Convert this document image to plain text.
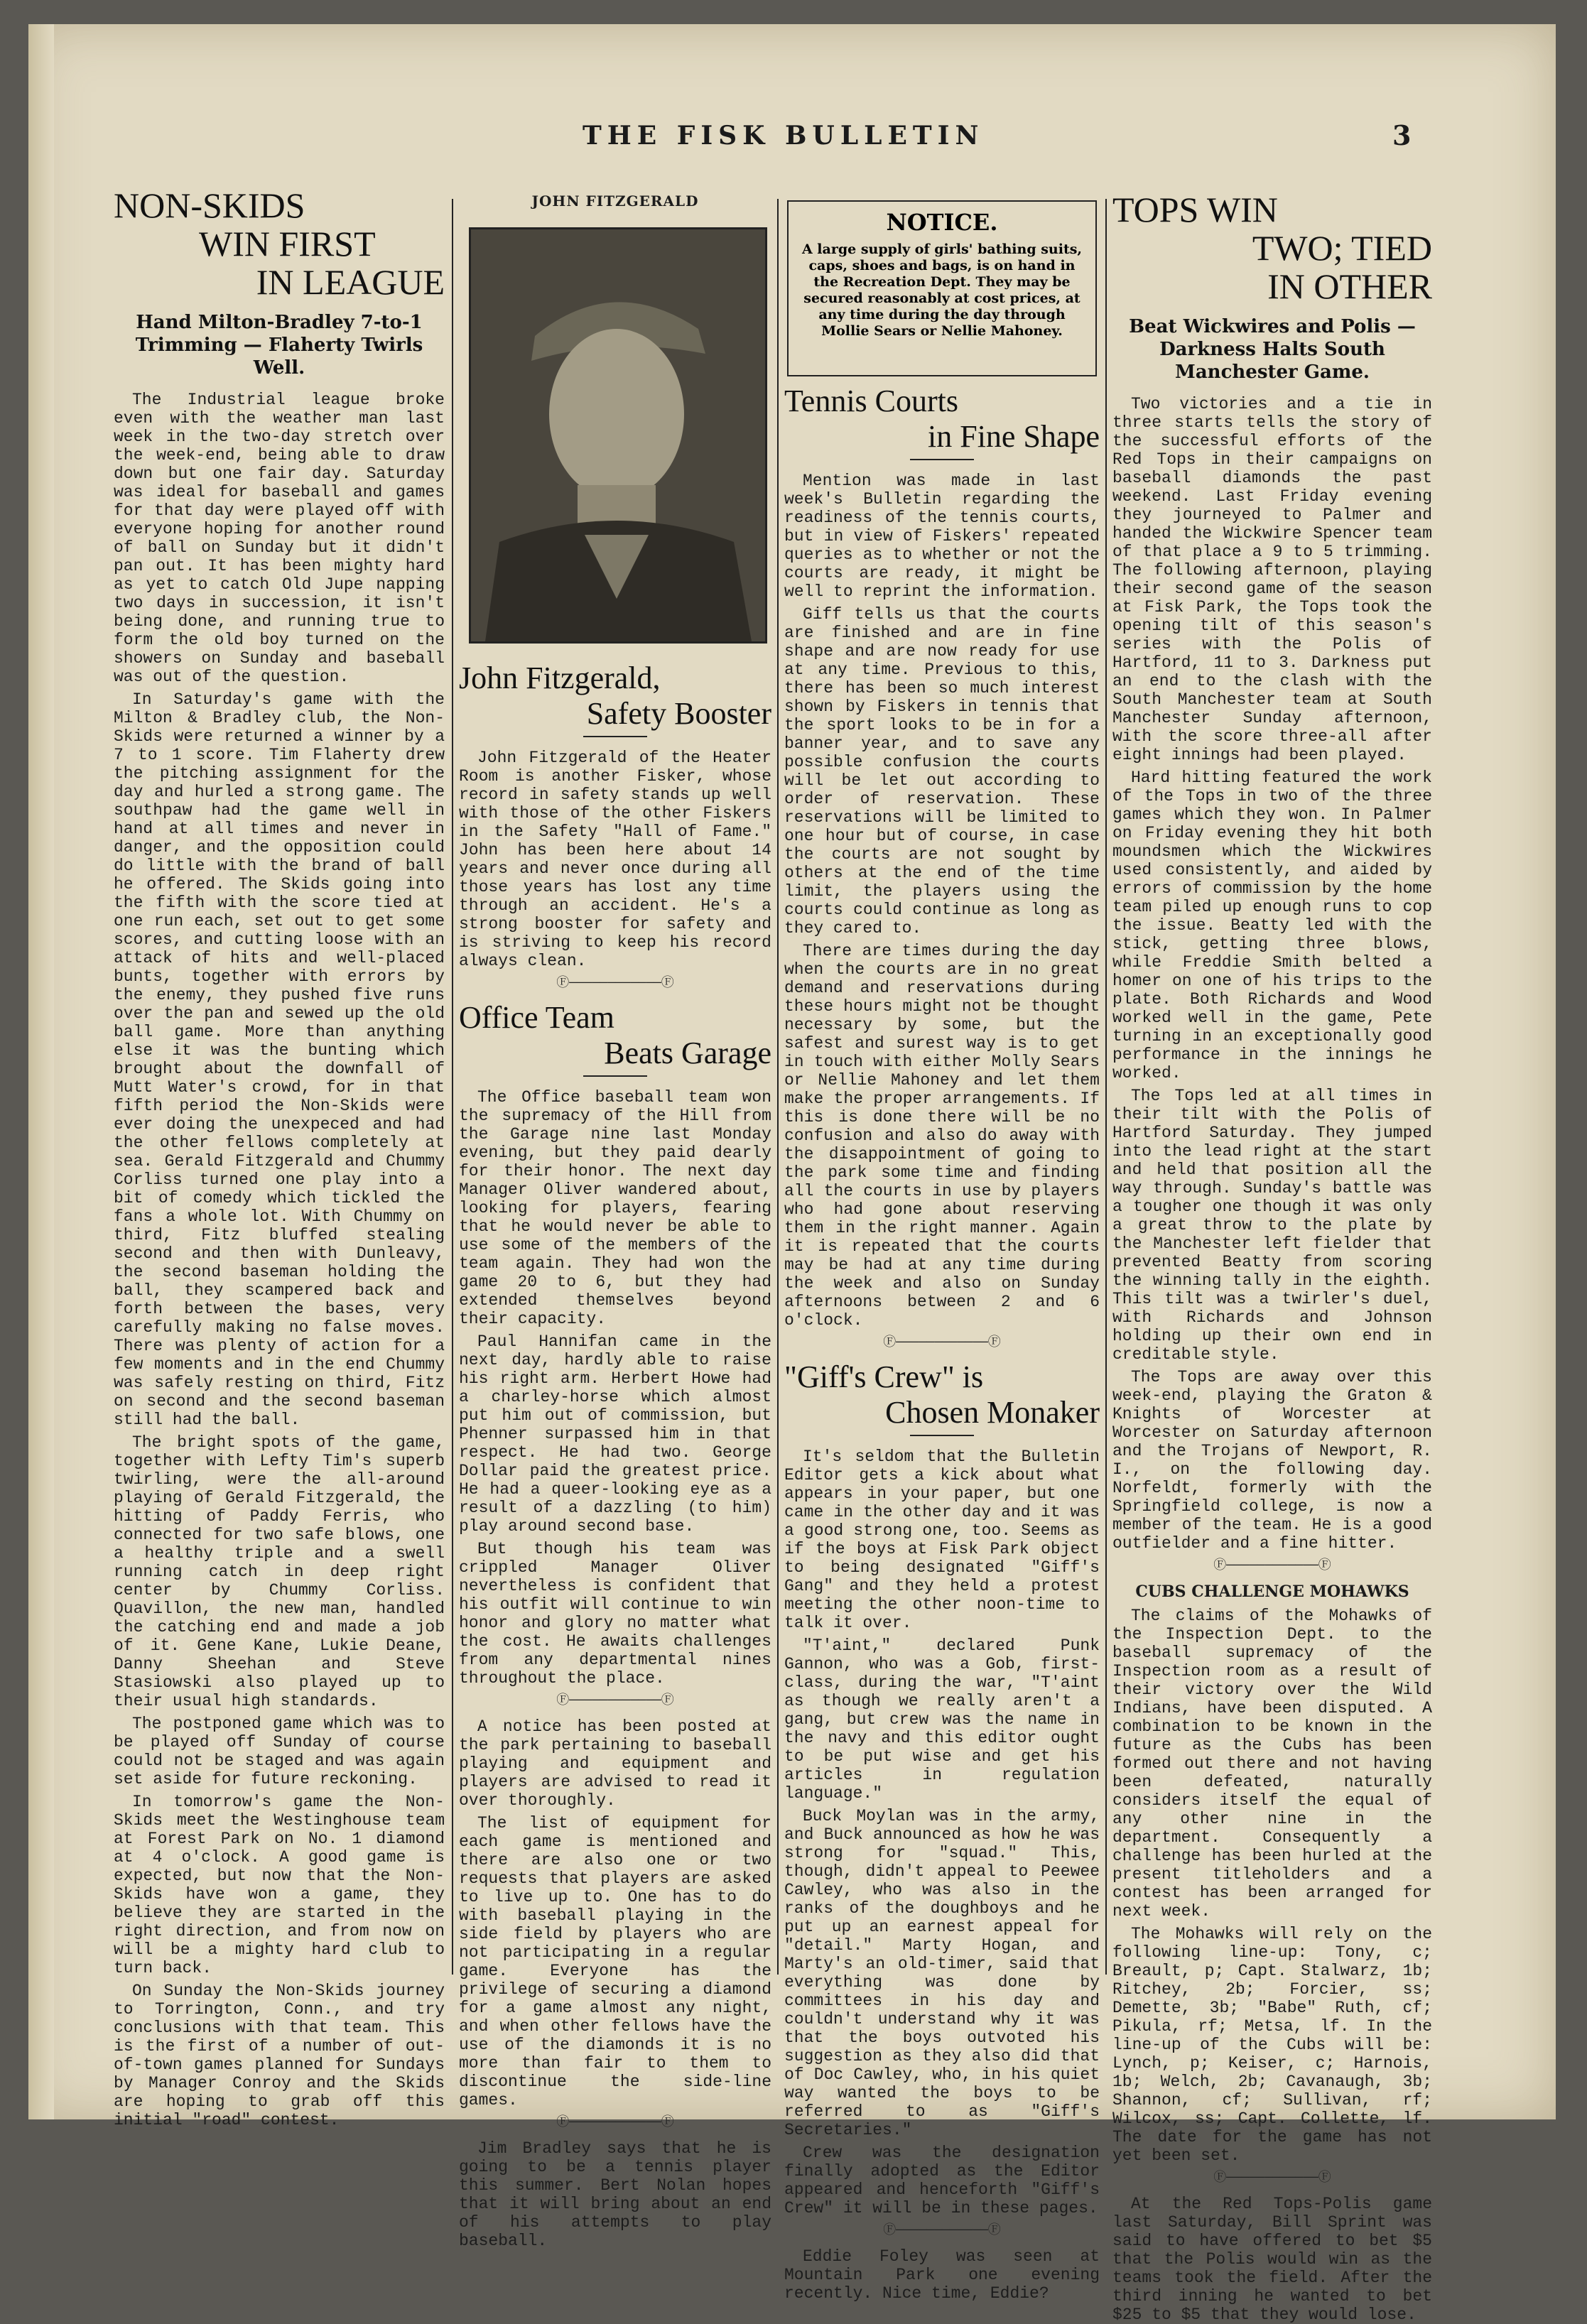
THE FISK BULLETIN	3
NON-SKIDS
WIN FIRST
IN LEAGUE
Hand Milton-Bradley 7-to-1 Trimming — Flaherty Twirls Well.

The Industrial league broke even with the weather man last week in the two-day stretch over the week-end, being able to draw down but one fair day. Saturday was ideal for baseball and games for that day were played off with everyone hoping for another round of ball on Sunday but it didn't pan out. It has been mighty hard as yet to catch Old Jupe napping two days in succession, it isn't being done, and running true to form the old boy turned on the showers on Sunday and baseball was out of the question.

In Saturday's game with the Milton & Bradley club, the Non-Skids were returned a winner by a 7 to 1 score. Tim Flaherty drew the pitching assignment for the day and hurled a strong game. The southpaw had the game well in hand at all times and never in danger, and the opposition could do little with the brand of ball he offered. The Skids going into the fifth with the score tied at one run each, set out to get some scores, and cutting loose with an attack of hits and well-placed bunts, together with errors by the enemy, they pushed five runs over the pan and sewed up the old ball game. More than anything else it was the bunting which brought about the downfall of Mutt Water's crowd, for in that fifth period the Non-Skids were ever doing the unexpeced and had the other fellows completely at sea. Gerald Fitzgerald and Chummy Corliss turned one play into a bit of comedy which tickled the fans a whole lot. With Chummy on third, Fitz bluffed stealing second and then with Dunleavy, the second baseman holding the ball, they scampered back and forth between the bases, very carefully making no false moves. There was plenty of action for a few moments and in the end Chummy was safely resting on third, Fitz on second and the second baseman still had the ball.

The bright spots of the game, together with Lefty Tim's superb twirling, were the all-around playing of Gerald Fitzgerald, the hitting of Paddy Ferris, who connected for two safe blows, one a healthy triple and a swell running catch in deep right center by Chummy Corliss. Quavillon, the new man, handled the catching end and made a job of it. Gene Kane, Lukie Deane, Danny Sheehan and Steve Stasiowski also played up to their usual high standards.

The postponed game which was to be played off Sunday of course could not be staged and was again set aside for future reckoning.

In tomorrow's game the Non-Skids meet the Westinghouse team at Forest Park on No. 1 diamond at 4 o'clock. A good game is expected, but now that the Non-Skids have won a game, they believe they are started in the right direction, and from now on will be a mighty hard club to turn back.

On Sunday the Non-Skids journey to Torrington, Conn., and try conclusions with that team. This is the first of a number of out-of-town games planned for Sundays by Manager Conroy and the Skids are hoping to grab off this initial "road" contest.

JOHN FITZGERALD
John Fitzgerald,
Safety Booster

John Fitzgerald of the Heater Room is another Fisker, whose record in safety stands up well with those of the other Fiskers in the Safety "Hall of Fame." John has been here about 14 years and never once during all those years has lost any time through an accident. He's a strong booster for safety and is striving to keep his record always clean.

Ⓕ────────────Ⓕ
Office Team
Beats Garage

The Office baseball team won the supremacy of the Hill from the Garage nine last Monday evening, but they paid dearly for their honor. The next day Manager Oliver wandered about, looking for players, fearing that he would never be able to use some of the members of the team again. They had won the game 20 to 6, but they had extended themselves beyond their capacity.

Paul Hannifan came in the next day, hardly able to raise his right arm. Herbert Howe had a charley-horse which almost put him out of commission, but Phenner surpassed him in that respect. He had two. George Dollar paid the greatest price. He had a queer-looking eye as a result of a dazzling (to him) play around second base.

But though his team was crippled Manager Oliver nevertheless is confident that his outfit will continue to win honor and glory no matter what the cost. He awaits challenges from any departmental nines throughout the place.

Ⓕ────────────Ⓕ

A notice has been posted at the park pertaining to baseball playing and equipment and players are advised to read it over thoroughly.

The list of equipment for each game is mentioned and there are also one or two requests that players are asked to live up to. One has to do with baseball playing in the side field by players who are not participating in a regular game. Everyone has the privilege of securing a diamond for a game almost any night, and when other fellows have the use of the diamonds it is no more than fair to them to discontinue the side-line games.

Ⓕ────────────Ⓕ

Jim Bradley says that he is going to be a tennis player this summer. Bert Nolan hopes that it will bring about an end of his attempts to play baseball.

NOTICE.
A large supply of girls' bathing suits, caps, shoes and bags, is on hand in the Recreation Dept. They may be secured reasonably at cost prices, at any time during the day through Mollie Sears or Nellie Mahoney.
Tennis Courts
in Fine Shape

Mention was made in last week's Bulletin regarding the readiness of the tennis courts, but in view of Fiskers' repeated queries as to whether or not the courts are ready, it might be well to reprint the information.

Giff tells us that the courts are finished and are in fine shape and are now ready for use at any time. Previous to this, there has been so much interest shown by Fiskers in tennis that the sport looks to be in for a banner year, and to save any possible confusion the courts will be let out according to order of reservation. These reservations will be limited to one hour but of course, in case the courts are not sought by others at the end of the time limit, the players using the courts could continue as long as they cared to.

There are times during the day when the courts are in no great demand and reservations during these hours might not be thought necessary by some, but the safest and surest way is to get in touch with either Molly Sears or Nellie Mahoney and let them make the proper arrangements. If this is done there will be no confusion and also do away with the disappointment of going to the park some time and finding all the courts in use by players who had gone about reserving them in the right manner. Again it is repeated that the courts may be had at any time during the week and also on Sunday afternoons between 2 and 6 o'clock.

Ⓕ────────────Ⓕ
"Giff's Crew" is
Chosen Monaker

It's seldom that the Bulletin Editor gets a kick about what appears in your paper, but one came in the other day and it was a good strong one, too. Seems as if the boys at Fisk Park object to being designated "Giff's Gang" and they held a protest meeting the other noon-time to talk it over.

"T'aint," declared Punk Gannon, who was a Gob, first-class, during the war, "T'aint as though we really aren't a gang, but crew was the name in the navy and this editor ought to be put wise and get his articles in regulation language."

Buck Moylan was in the army, and Buck announced as how he was strong for "squad." This, though, didn't appeal to Peewee Cawley, who was also in the ranks of the doughboys and he put up an earnest appeal for "detail." Marty Hogan, and Marty's an old-timer, said that everything was done by committees in his day and couldn't understand why it was that the boys outvoted his suggestion as they also did that of Doc Cawley, who, in his quiet way wanted the boys to be referred to as "Giff's Secretaries."

Crew was the designation finally adopted as the Editor appeared and henceforth "Giff's Crew" it will be in these pages.

Ⓕ────────────Ⓕ

Eddie Foley was seen at Mountain Park one evening recently. Nice time, Eddie?

TOPS WIN
TWO; TIED
IN OTHER
Beat Wickwires and Polis — Darkness Halts South Manchester Game.

Two victories and a tie in three starts tells the story of the successful efforts of the Red Tops in their campaigns on baseball diamonds the past weekend. Last Friday evening they journeyed to Palmer and handed the Wickwire Spencer team of that place a 9 to 5 trimming. The following afternoon, playing their second game of the season at Fisk Park, the Tops took the opening tilt of this season's series with the Polis of Hartford, 11 to 3. Darkness put an end to the clash with the South Manchester team at South Manchester Sunday afternoon, with the score three-all after eight innings had been played.

Hard hitting featured the work of the Tops in two of the three games which they won. In Palmer on Friday evening they hit both moundsmen which the Wickwires used consistently, and aided by errors of commission by the home team piled up enough runs to cop the issue. Beatty led with the stick, getting three blows, while Freddie Smith belted a homer on one of his trips to the plate. Both Richards and Wood worked well in the game, Pete turning in an exceptionally good performance in the innings he worked.

The Tops led at all times in their tilt with the Polis of Hartford Saturday. They jumped into the lead right at the start and held that position all the way through. Sunday's battle was a tougher one though it was only a great throw to the plate by the Manchester left fielder that prevented Beatty from scoring the winning tally in the eighth. This tilt was a twirler's duel, with Richards and Johnson holding up their own end in creditable style.

The Tops are away over this week-end, playing the Graton & Knights of Worcester at Worcester on Saturday afternoon and the Trojans of Newport, R. I., on the following day. Norfeldt, formerly with the Springfield college, is now a member of the team. He is a good outfielder and a fine hitter.

Ⓕ────────────Ⓕ
CUBS CHALLENGE MOHAWKS

The claims of the Mohawks of the Inspection Dept. to the baseball supremacy of the Inspection room as a result of their victory over the Wild Indians, have been disputed. A combination to be known in the future as the Cubs has been formed out there and not having been defeated, naturally considers itself the equal of any other nine in the department. Consequently a challenge has been hurled at the present titleholders and a contest has been arranged for next week.

The Mohawks will rely on the following line-up: Tony, c; Breault, p; Capt. Stalwarz, 1b; Ritchey, 2b; Forcier, ss; Demette, 3b; "Babe" Ruth, cf; Pikula, rf; Metsa, lf. In the line-up of the Cubs will be: Lynch, p; Keiser, c; Harnois, 1b; Welch, 2b; Cavanaugh, 3b; Shannon, cf; Sullivan, rf; Wilcox, ss; Capt. Collette, lf. The date for the game has not yet been set.

Ⓕ────────────Ⓕ

At the Red Tops-Polis game last Saturday, Bill Sprint was said to have offered to bet $5 that the Polis would win as the teams took the field. After the third inning he wanted to bet $25 to $5 that they would lose.
